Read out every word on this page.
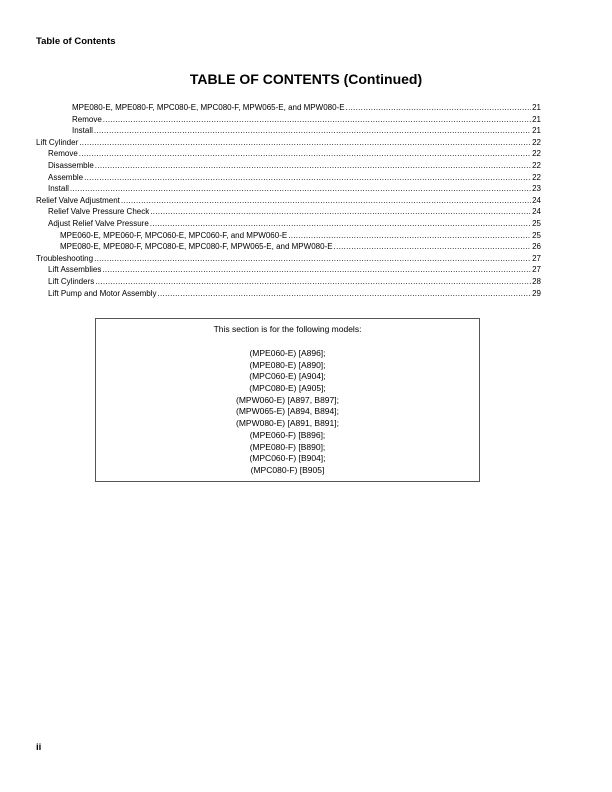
Table of Contents

TABLE OF CONTENTS (Continued)
MPE080-E, MPE080-F, MPC080-E, MPC080-F, MPW065-E, and MPW080-E .....	21
Remove .....	21
Install .....	21
Lift Cylinder .....	22
Remove .....	22
Disassemble .....	22
Assemble .....	22
Install .....	23
Relief Valve Adjustment .....	24
Relief Valve Pressure Check .....	24
Adjust Relief Valve Pressure .....	25
MPE060-E, MPE060-F, MPC060-E, MPC060-F, and MPW060-E .....	25
MPE080-E, MPE080-F, MPC080-E, MPC080-F, MPW065-E, and MPW080-E .....	26
Troubleshooting .....	27
Lift Assemblies .....	27
Lift Cylinders .....	28
Lift Pump and Motor Assembly .....	29

This section is for the following models:

(MPE060-E) [A896];
(MPE080-E) [A890];
(MPC060-E) [A904];
(MPC080-E) [A905];
(MPW060-E) [A897, B897];
(MPW065-E) [A894, B894];
(MPW080-E) [A891, B891];
(MPE060-F) [B896];
(MPE080-F) [B890];
(MPC060-F) [B904];
(MPC080-F) [B905]

ii
